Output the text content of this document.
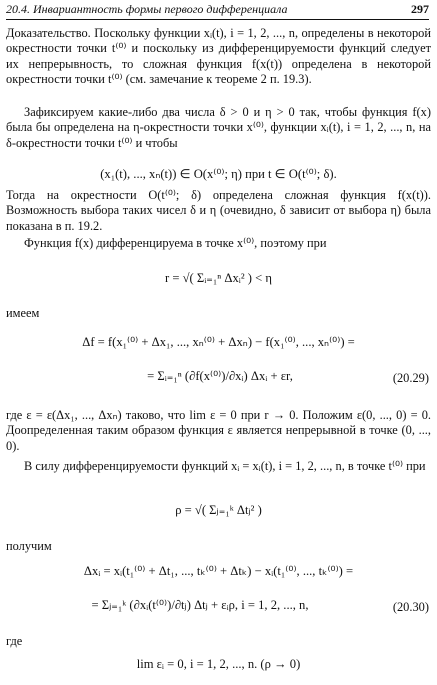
20.4. Инвариантность формы первого дифференциала	297
Доказательство. Поскольку функции xᵢ(t), i = 1, 2, ..., n, определены в некоторой окрестности точки t⁽⁰⁾ и поскольку из дифференцируемости функций следует их непрерывность, то сложная функция f(x(t)) определена в некоторой окрестности точки t⁽⁰⁾ (см. замечание к теореме 2 п. 19.3).
Зафиксируем какие-либо два числа δ > 0 и η > 0 так, чтобы функция f(x) была бы определена на η-окрестности точки x⁽⁰⁾, функции xᵢ(t), i = 1, 2, ..., n, на δ-окрестности точки t⁽⁰⁾ и чтобы
(x₁(t), ..., xₙ(t)) ∈ O(x⁽⁰⁾; η) при t ∈ O(t⁽⁰⁾; δ).
Тогда на окрестности O(t⁽⁰⁾; δ) определена сложная функция f(x(t)). Возможность выбора таких чисел δ и η (очевидно, δ зависит от выбора η) была показана в п. 19.2.
Функция f(x) дифференцируема в точке x⁽⁰⁾, поэтому при
r = √( Σᵢ₌₁ⁿ Δxᵢ² ) < η
имеем
Δf = f(x₁⁽⁰⁾ + Δx₁, ..., xₙ⁽⁰⁾ + Δxₙ) − f(x₁⁽⁰⁾, ..., xₙ⁽⁰⁾) =
= Σᵢ₌₁ⁿ (∂f(x⁽⁰⁾)/∂xᵢ) Δxᵢ + εr,	(20.29)
где ε = ε(Δx₁, ..., Δxₙ) таково, что lim ε = 0 при r → 0. Положим ε(0, ..., 0) = 0. Доопределенная таким образом функция ε является непрерывной в точке (0, ..., 0).
В силу дифференцируемости функций xᵢ = xᵢ(t), i = 1, 2, ..., n, в точке t⁽⁰⁾ при
ρ = √( Σⱼ₌₁ᵏ Δtⱼ² )
получим
Δxᵢ = xᵢ(t₁⁽⁰⁾ + Δt₁, ..., tₖ⁽⁰⁾ + Δtₖ) − xᵢ(t₁⁽⁰⁾, ..., tₖ⁽⁰⁾) =
= Σⱼ₌₁ᵏ (∂xᵢ(t⁽⁰⁾)/∂tⱼ) Δtⱼ + εᵢρ, i = 1, 2, ..., n,	(20.30)
где
lim εᵢ = 0, i = 1, 2, ..., n. (ρ → 0)
